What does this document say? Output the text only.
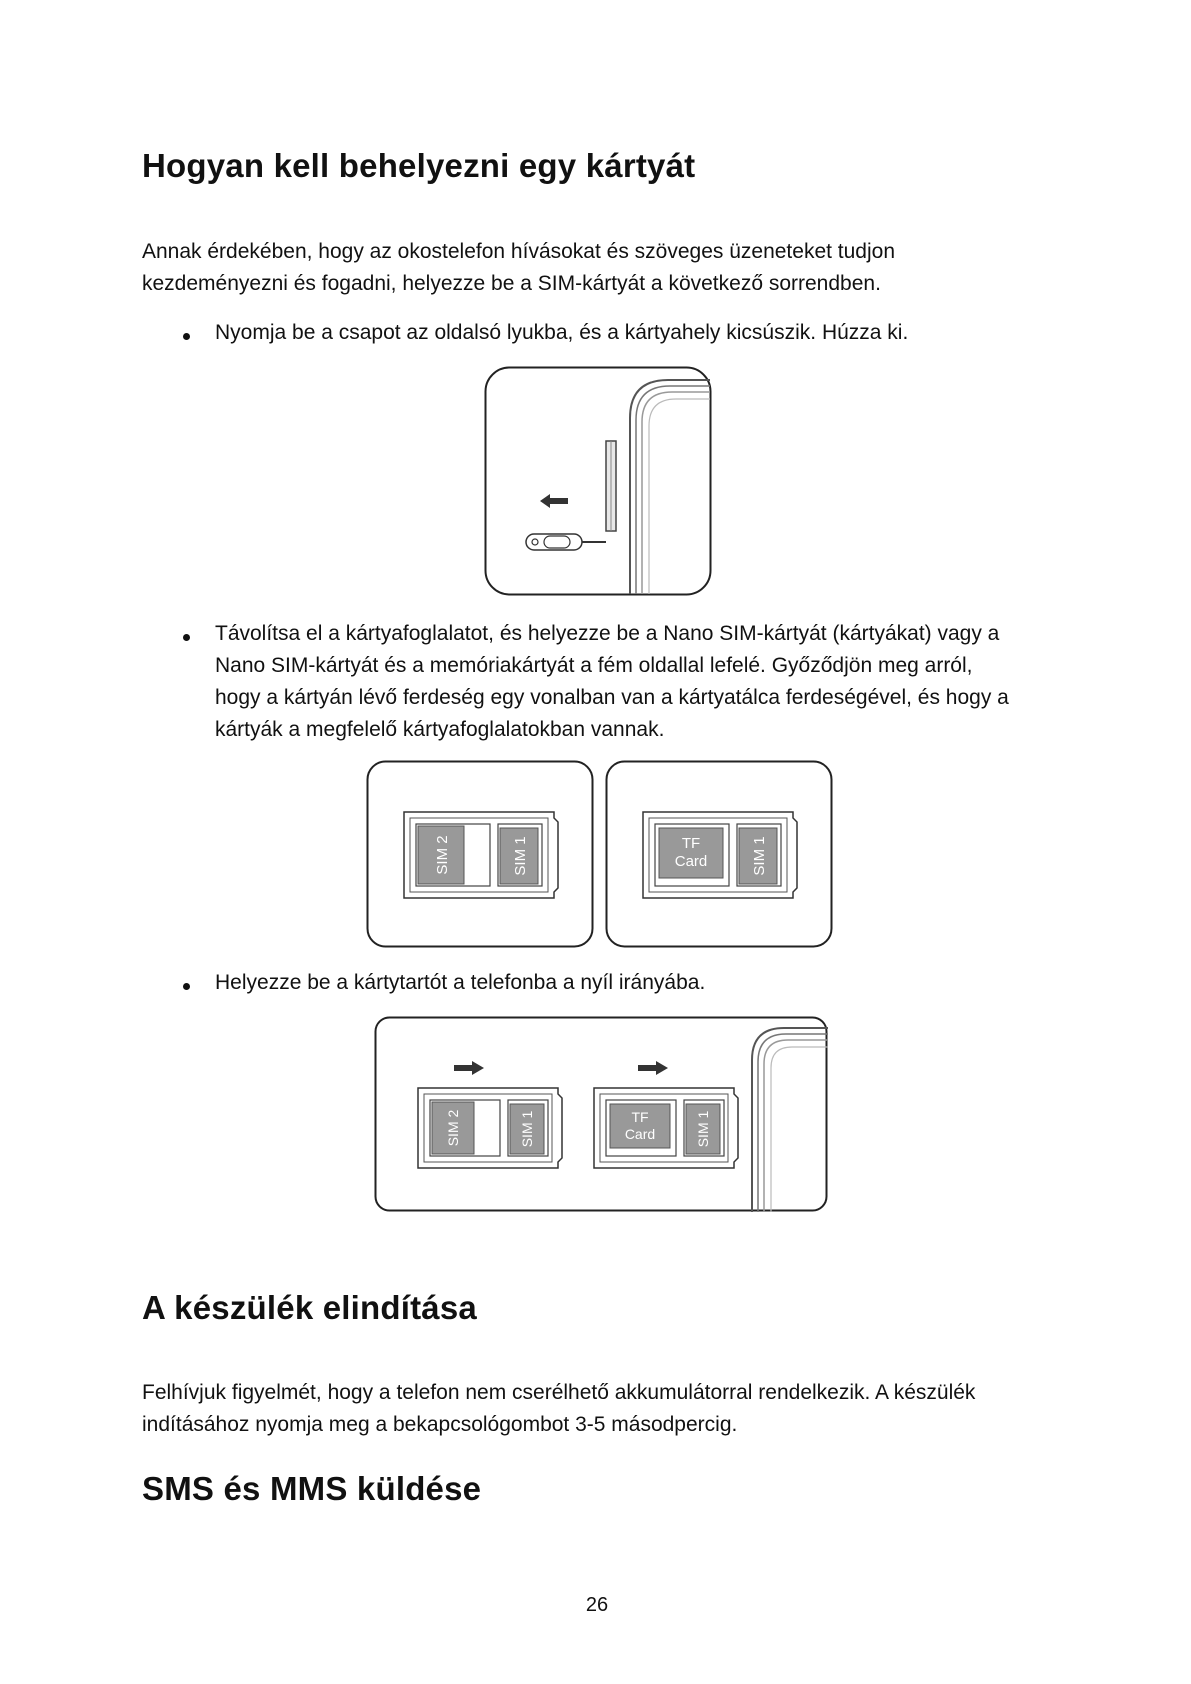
Hogyan kell behelyezni egy kártyát

Annak érdekében, hogy az okostelefon hívásokat és szöveges üzeneteket tudjon

kezdeményezni és fogadni, helyezze be a SIM-kártyát a következő sorrendben.

Nyomja be a csapot az oldalsó lyukba, és a kártyahely kicsúszik. Húzza ki.

Távolítsa el a kártyafoglalatot, és helyezze be a Nano SIM-kártyát (kártyákat) vagy a

Nano SIM-kártyát és a memóriakártyát a fém oldallal lefelé. Győződjön meg arról,

hogy a kártyán lévő ferdeség egy vonalban van a kártyatálca ferdeségével, és hogy a

kártyák a megfelelő kártyafoglalatokban vannak.

SIM 2	SIM 1	TF
Card	SIM 1

Helyezze be a kártytartót a telefonba a nyíl irányába.

SIM 2	SIM 1	TF
Card	SIM 1
A készülék elindítása

Felhívjuk figyelmét, hogy a telefon nem cserélhető akkumulátorral rendelkezik. A készülék

indításához nyomja meg a bekapcsológombot 3-5 másodpercig.

SMS és MMS küldése
26
